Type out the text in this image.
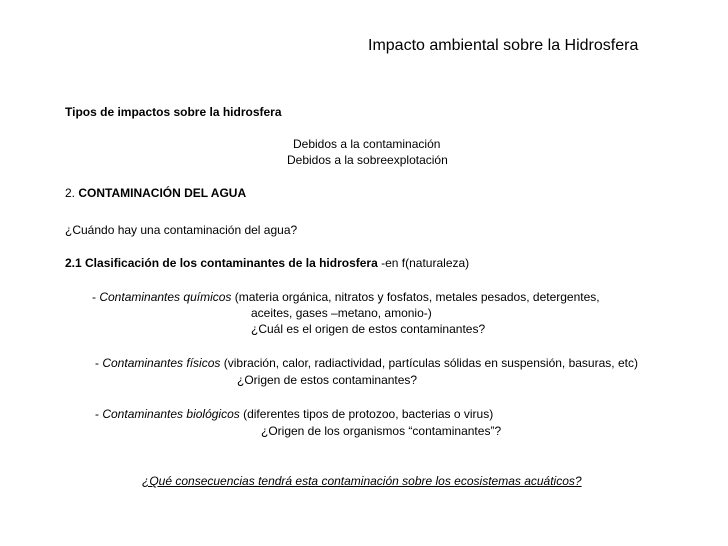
Impacto ambiental sobre la Hidrosfera
Tipos de impactos sobre la hidrosfera
Debidos a la contaminación
Debidos a la sobreexplotación
2. CONTAMINACIÓN DEL AGUA
¿Cuándo hay una contaminación del agua?
2.1 Clasificación de los contaminantes de la hidrosfera -en f(naturaleza)
- Contaminantes químicos (materia orgánica, nitratos y fosfatos, metales pesados, detergentes,
aceites, gases –metano, amonio-)
¿Cuál es el origen de estos contaminantes?
- Contaminantes físicos (vibración, calor, radiactividad, partículas sólidas en suspensión, basuras, etc)
¿Origen de estos contaminantes?
- Contaminantes biológicos (diferentes tipos de protozoo, bacterias o virus)
¿Origen de los organismos “contaminantes”?
¿Qué consecuencias tendrá esta contaminación sobre los ecosistemas acuáticos?
